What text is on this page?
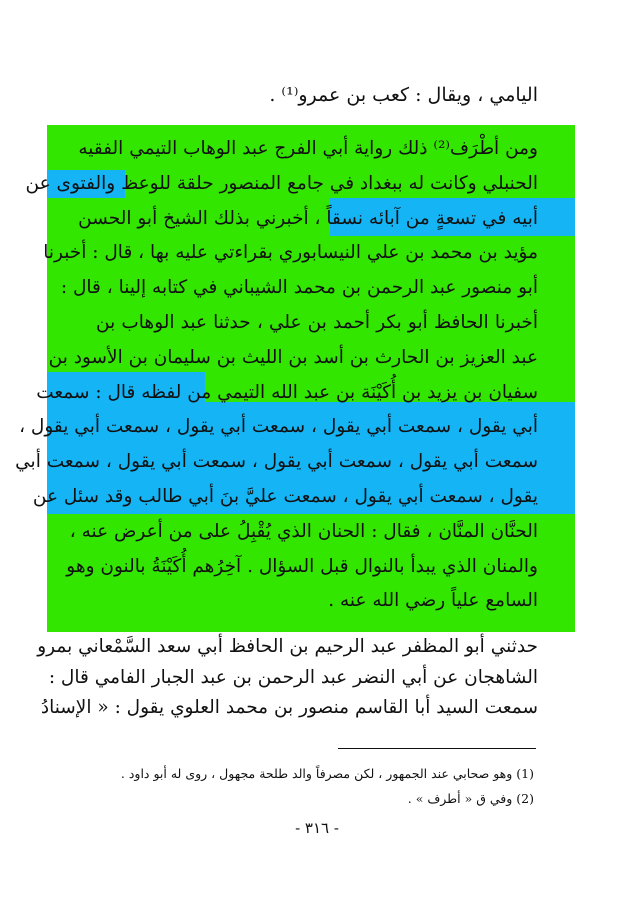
اليامي ، ويقال : كعب بن عمرو⁽¹⁾ .
ومن أطْرَف⁽²⁾ ذلك رواية أبي الفرج عبد الوهاب التيمي الفقيه
الحنبلي وكانت له ببغداد في جامع المنصور حلقة للوعظ والفتوى عن
أبيه في تسعةٍ من آبائه نسقاً ، أخبرني بذلك الشيخ أبو الحسن
مؤيد بن محمد بن علي النيسابوري بقراءتي عليه بها ، قال : أخبرنا
أبو منصور عبد الرحمن بن محمد الشيباني في كتابه إلينا ، قال :
أخبرنا الحافظ أبو بكر أحمد بن علي ، حدثنا عبد الوهاب بن
عبد العزيز بن الحارث بن أسد بن الليث بن سليمان بن الأسود بن
سفيان بن يزيد بن أُكَيْنَة بن عبد الله التيمي من لفظه قال : سمعت
أبي يقول ، سمعت أبي يقول ، سمعت أبي يقول ، سمعت أبي يقول ،
سمعت أبي يقول ، سمعت أبي يقول ، سمعت أبي يقول ، سمعت أبي
يقول ، سمعت أبي يقول ، سمعت عليَّ بنَ أبي طالب وقد سئل عن
الحنَّان المنَّان ، فقال : الحنان الذي يُقْبِلُ على من أعرض عنه ،
والمنان الذي يبدأ بالنوال قبل السؤال . آخِرُهم أُكَيْنَةُ بالنون وهو
السامع علياً رضي الله عنه .
حدثني أبو المظفر عبد الرحيم بن الحافظ أبي سعد السَّمْعاني بمرو
الشاهجان عن أبي النضر عبد الرحمن بن عبد الجبار الفامي قال :
سمعت السيد أبا القاسم منصور بن محمد العلوي يقول : « الإسنادُ
(1) وهو صحابي عند الجمهور ، لكن مصرفاً والد طلحة مجهول ، روى له أبو داود .
(2) وفي ق « أطرف » .
- ٣١٦ -
